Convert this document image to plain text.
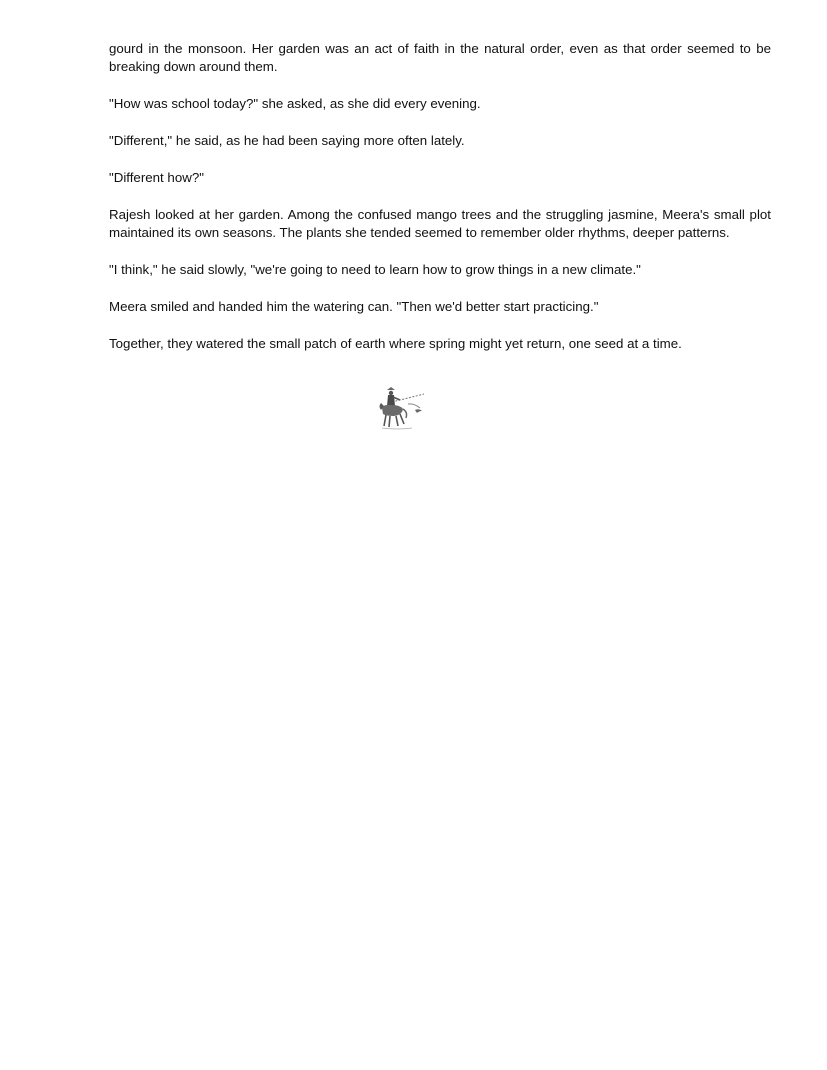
gourd in the monsoon. Her garden was an act of faith in the natural order, even as that order seemed to be breaking down around them.

"How was school today?" she asked, as she did every evening.

"Different," he said, as he had been saying more often lately.

"Different how?"

Rajesh looked at her garden. Among the confused mango trees and the struggling jasmine, Meera's small plot maintained its own seasons. The plants she tended seemed to remember older rhythms, deeper patterns.

"I think," he said slowly, "we're going to need to learn how to grow things in a new climate."

Meera smiled and handed him the watering can. "Then we'd better start practicing."

Together, they watered the small patch of earth where spring might yet return, one seed at a time.
